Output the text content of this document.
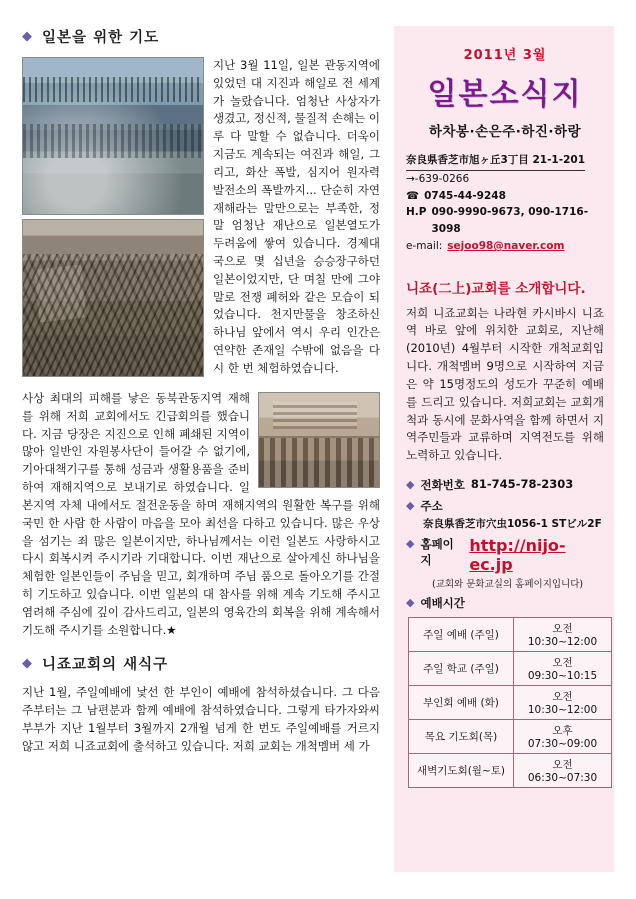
◆ 일본을 위한 기도
지난 3월 11일, 일본 관동지역에 있었던 대 지진과 해일로 전 세계가 놀랐습니다. 엄청난 사상자가 생겼고, 정신적, 물질적 손해는 이루 다 말할 수 없습니다. 더욱이 지금도 계속되는 여진과 해일, 그리고, 화산 폭발, 심지어 원자력 발전소의 폭발까지... 단순히 자연재해라는 말만으로는 부족한, 정말 엄청난 재난으로 일본열도가 두려움에 쌓여 있습니다. 경제대국으로 몇 십년을 승승장구하던 일본이었지만, 단 며칠 만에 그야말로 전쟁 폐허와 같은 모습이 되었습니다. 천지만물을 창조하신 하나님 앞에서 역시 우리 인간은 연약한 존재일 수밖에 없음을 다시 한 번 체험하였습니다.
사상 최대의 피해를 낳은 동북관동지역 재해를 위해 저희 교회에서도 긴급회의를 했습니다. 지금 당장은 지진으로 인해 폐쇄된 지역이 많아 일반인 자원봉사단이 들어갈 수 없기에, 기아대책기구를 통해 성금과 생활용품을 준비하여 재해지역으로 보내기로 하였습니다. 일본지역 자체 내에서도 절전운동을 하며 재해지역의 원활한 복구를 위해 국민 한 사람 한 사람이 마음을 모아 최선을 다하고 있습니다. 많은 우상을 섬기는 죄 많은 일본이지만, 하나님께서는 이런 일본도 사랑하시고 다시 회복시켜 주시기라 기대합니다. 이번 재난으로 살아계신 하나님을 체험한 일본인들이 주님을 믿고, 회개하며 주님 품으로 돌아오기를 간절히 기도하고 있습니다. 이번 일본의 대 참사를 위해 계속 기도해 주시고 염려해 주심에 깊이 감사드리고, 일본의 영육간의 회복을 위해 계속해서 기도해 주시기를 소원합니다.★
◆ 니죠교회의 새식구
지난 1월, 주일예배에 낯선 한 부인이 예배에 참석하셨습니다. 그 다음 주부터는 그 남편분과 함께 예배에 참석하였습니다. 그렇게 타가자와씨 부부가 지난 1월부터 3월까지 2개월 넘게 한 번도 주일예배를 거르지 않고 저희 니죠교회에 출석하고 있습니다. 저희 교회는 개척멤버 세 가
2011년 3월
일본소식지
하차봉·손은주·하진·하랑
奈良県香芝市旭ヶ丘3丁目 21-1-201
→-639-0266
☎ 0745-44-9248
H.P 090-9990-9673, 090-1716-3098
e-mail: sejoo98@naver.com
니죠(二上)교회를 소개합니다.
저희 니죠교회는 나라현 카시바시 니죠역 바로 앞에 위치한 교회로, 지난해(2010년) 4월부터 시작한 개척교회입니다. 개척멤버 9명으로 시작하여 지금은 약 15명정도의 성도가 꾸준히 예배를 드리고 있습니다. 저희교회는 교회개척과 동시에 문화사역을 함께 하면서 지역주민들과 교류하며 지역전도를 위해 노력하고 있습니다.
◆ 전화번호 81-745-78-2303
◆ 주소
奈良県香芝市穴虫1056-1 STビル2F
◆ 홈페이지
http://nijo-ec.jp
(교회와 문화교실의 홈페이지입니다)
◆ 예배시간
주일 예배 (주일)	오전10:30~12:00
주일 학교 (주일)	오전 09:30~10:15
부인회 예배 (화)	오전 10:30~12:00
목요 기도회(목)	오후 07:30~09:00
새벽기도회(월~토)	오전 06:30~07:30
